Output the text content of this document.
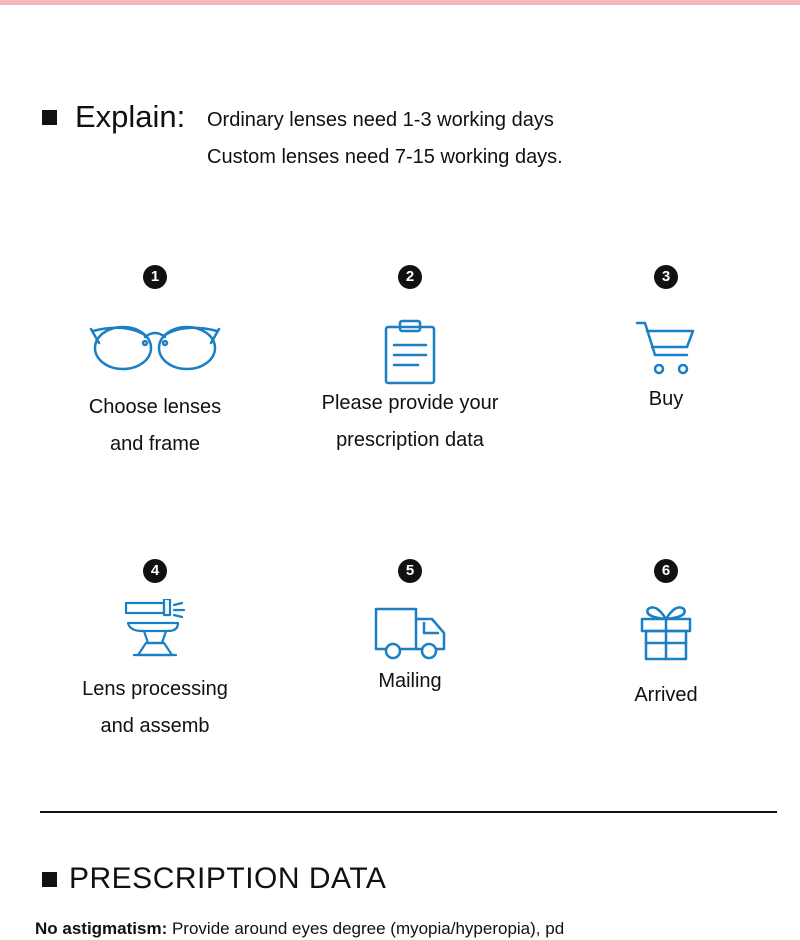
Explain: Ordinary lenses need 1-3 working days
Custom lenses need 7-15 working days.
1
Choose lenses
and frame
2
Please provide your
prescription data
3
Buy
4
Lens processing
and assemb
5
Mailing
6
Arrived
PRESCRIPTION DATA
No astigmatism: Provide around eyes degree (myopia/hyperopia), pd
